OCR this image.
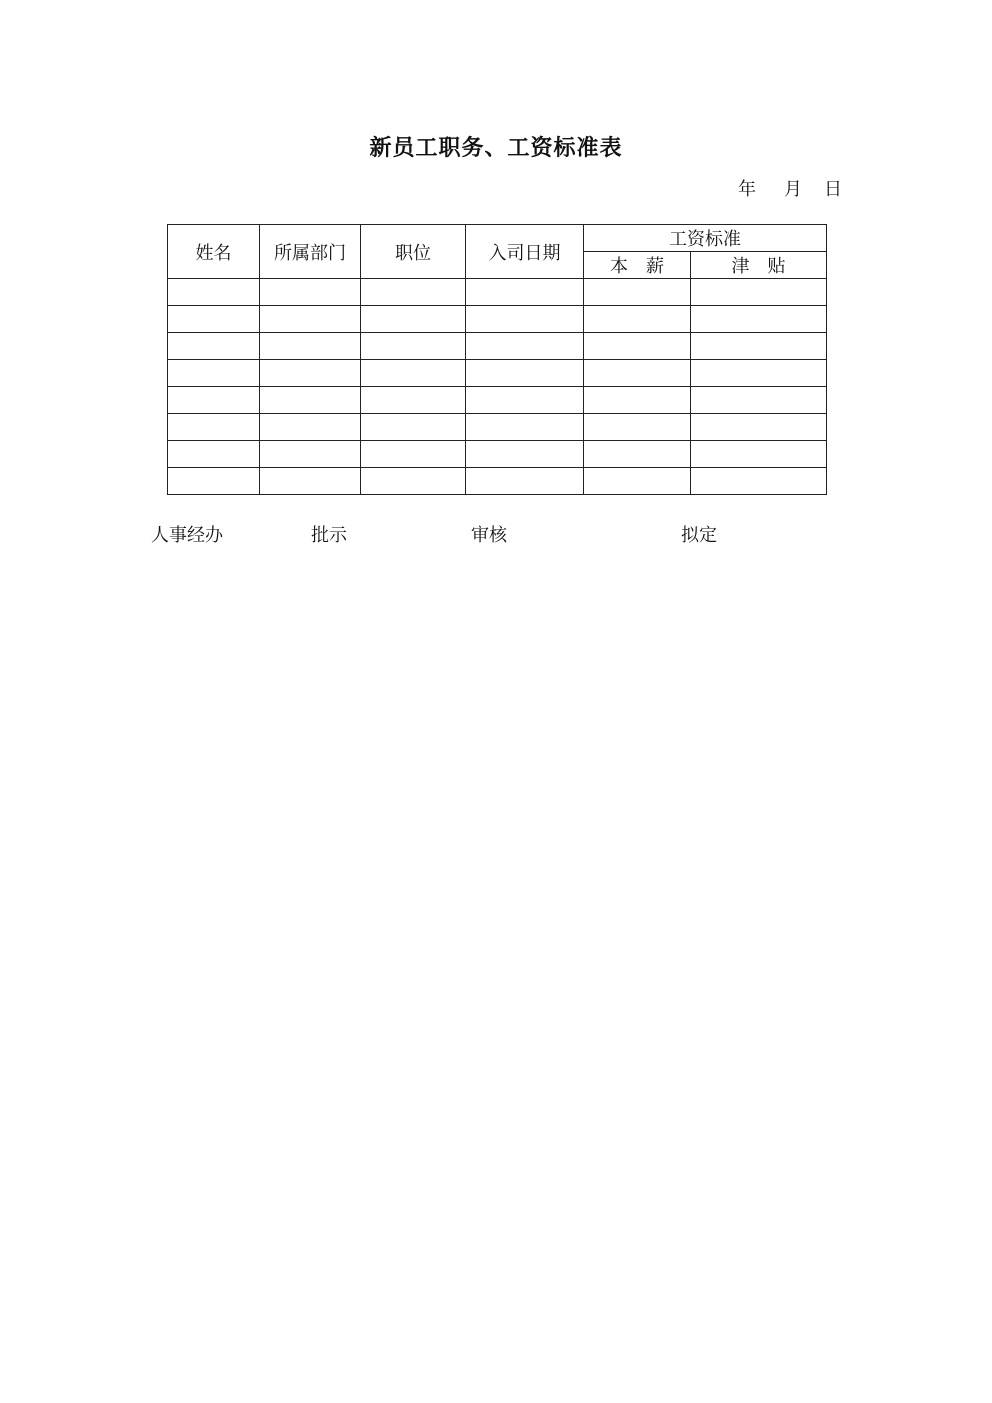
新员工职务、工资标准表
年 月 日
姓名	所属部门	职位	入司日期	工资标准	
				本　薪	津　贴

人事经办	批示	审核	拟定
